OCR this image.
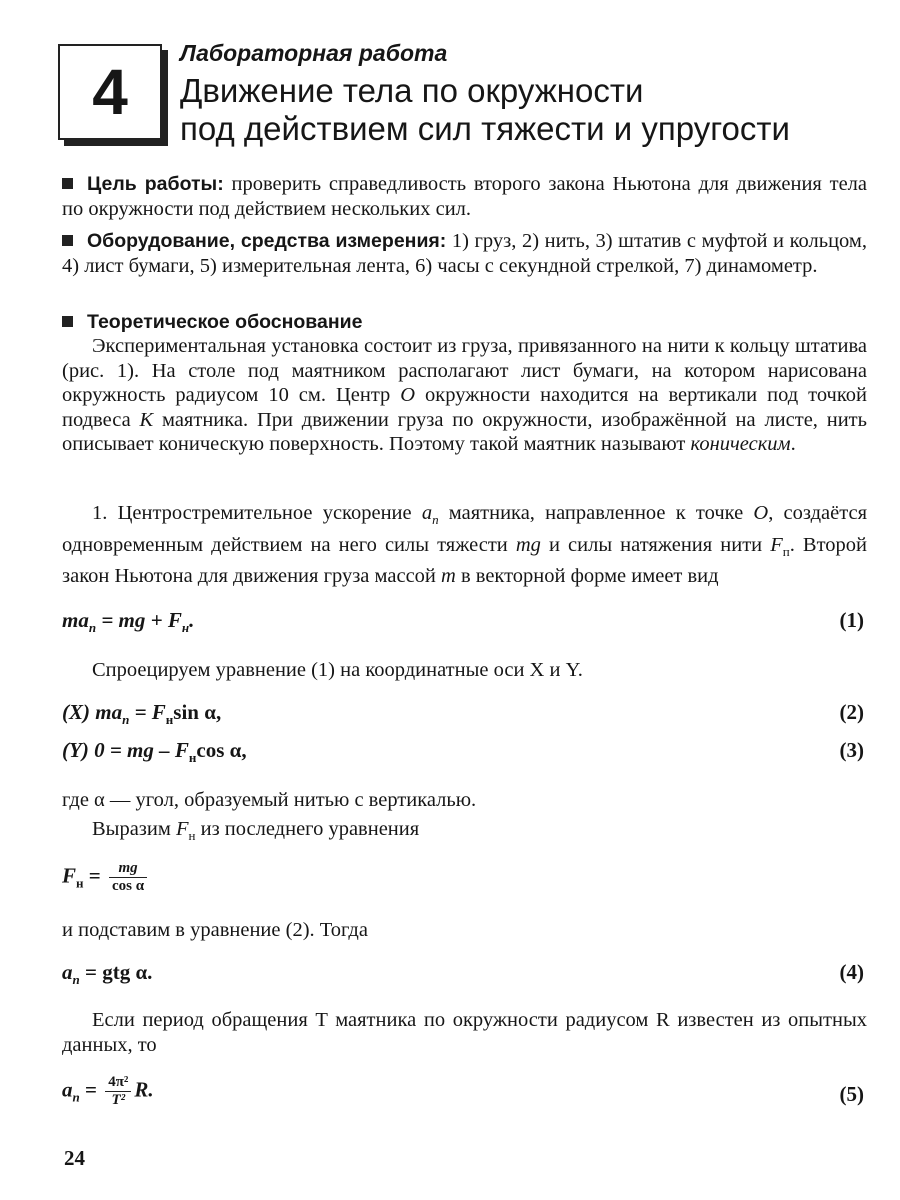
4
Лабораторная работа
Движение тела по окружности
под действием сил тяжести и упругости
Цель работы: проверить справедливость второго закона Ньютона для движения тела по окружности под действием нескольких сил.
Оборудование, средства измерения: 1) груз, 2) нить, 3) штатив с муфтой и кольцом, 4) лист бумаги, 5) измерительная лента, 6) часы с секундной стрелкой, 7) динамометр.
Теоретическое обоснование
Экспериментальная установка состоит из груза, привязанного на нити к кольцу штатива (рис. 1). На столе под маятником располагают лист бумаги, на котором нарисована окружность радиусом 10 см. Центр O окружности находится на вертикали под точкой подвеса K маятника. При движении груза по окружности, изображённой на листе, нить описывает коническую поверхность. Поэтому такой маятник называют коническим.
1. Центростремительное ускорение $a_n$ маятника, направленное к точке O, создаётся одновременным действием на него силы тяжести mg и силы натяжения нити $F_п$. Второй закон Ньютона для движения груза массой m в векторной форме имеет вид
$ma_n$ = mg + $F_н$.	(1)
Спроецируем уравнение (1) на координатные оси X и Y.
(X) $ma_n = F_н\sin$ α,	(2)
(Y) 0 = mg – $F_н\cos$ α,	(3)
где α — угол, образуемый нитью с вертикалью.
Выразим $F_н$ из последнего уравнения
$F_н = \frac{mg}{\text{cos α}}$
и подставим в уравнение (2). Тогда
$a_n$ = gtg α.	(4)
Если период обращения T маятника по окружности радиусом R известен из опытных данных, то
$a_n = \frac{\text{4π²}}{\text{T²}} R$.	(5)
24
